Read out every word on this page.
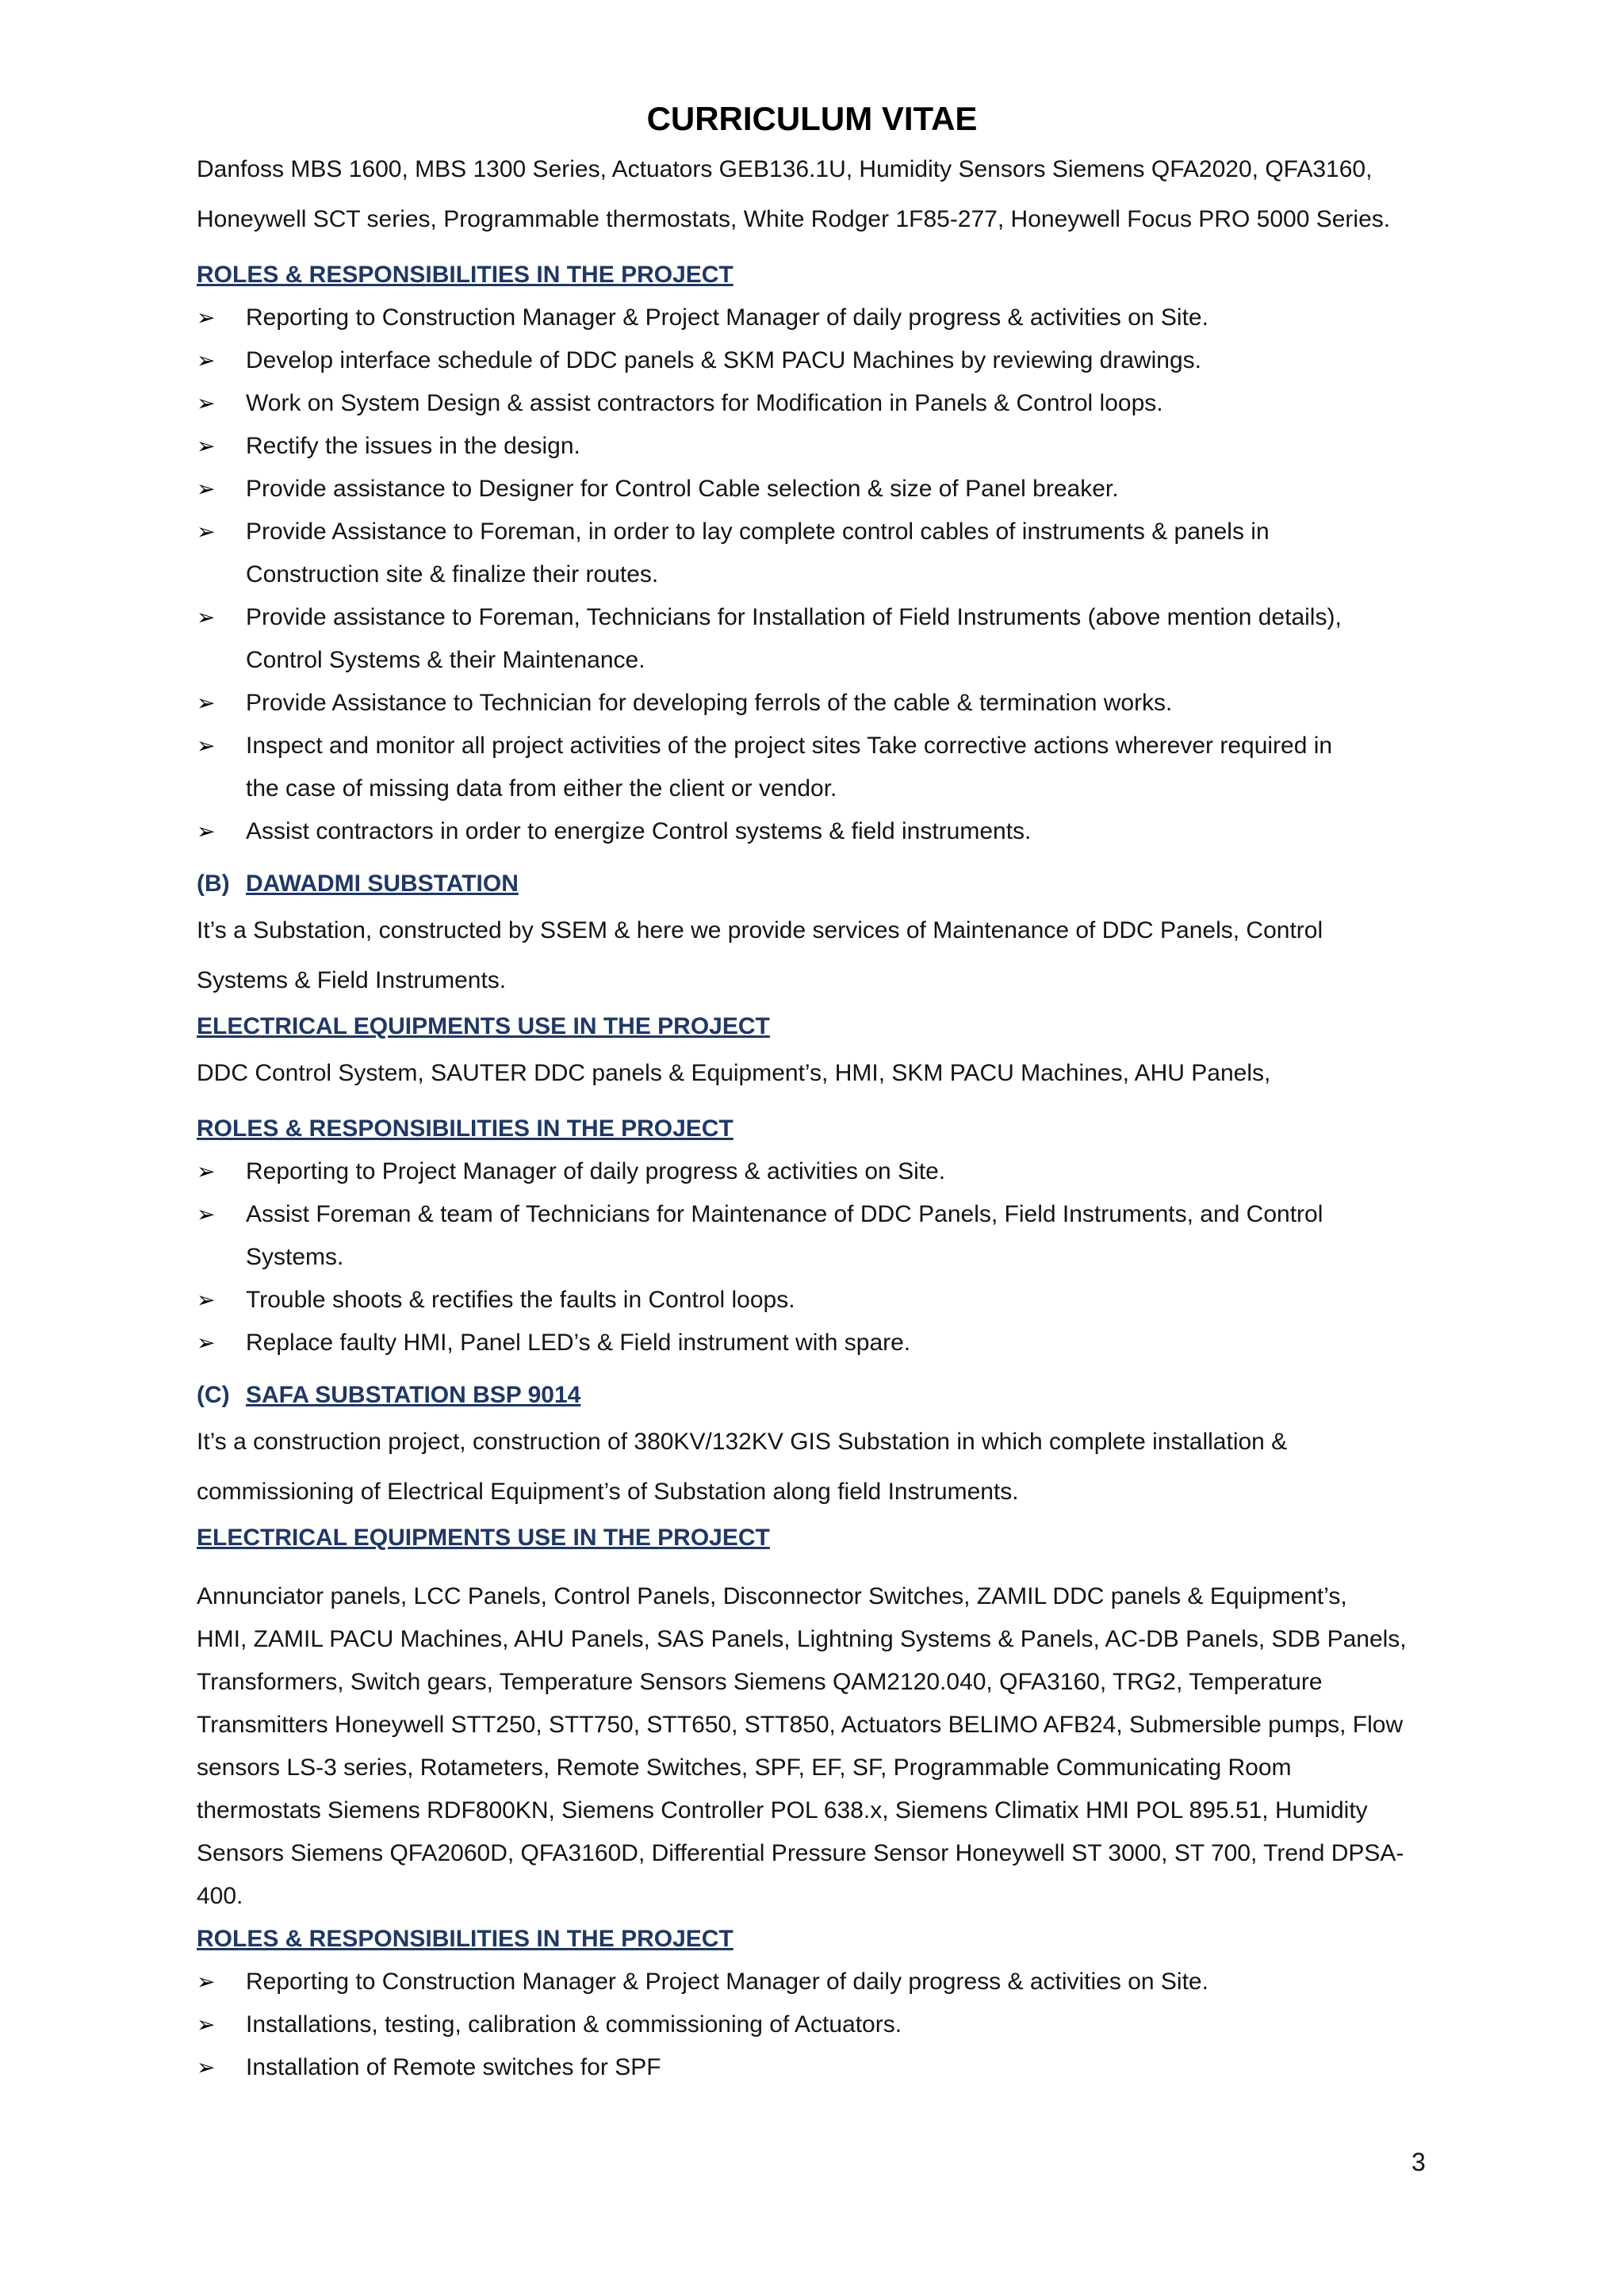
CURRICULUM VITAE

Danfoss MBS 1600, MBS 1300 Series, Actuators GEB136.1U, Humidity Sensors Siemens QFA2020, QFA3160,

Honeywell SCT series, Programmable thermostats, White Rodger 1F85-277, Honeywell Focus PRO 5000 Series.

ROLES & RESPONSIBILITIES IN THE PROJECT
➢	Reporting to Construction Manager & Project Manager of daily progress & activities on Site.
➢	Develop interface schedule of DDC panels & SKM PACU Machines by reviewing drawings.
➢	Work on System Design & assist contractors for Modification in Panels & Control loops.
➢	Rectify the issues in the design.
➢	Provide assistance to Designer for Control Cable selection & size of Panel breaker.
➢	Provide Assistance to Foreman, in order to lay complete control cables of instruments & panels in
Construction site & finalize their routes.
➢	Provide assistance to Foreman, Technicians for Installation of Field Instruments (above mention details),
Control Systems & their Maintenance.
➢	Provide Assistance to Technician for developing ferrols of the cable & termination works.
➢	Inspect and monitor all project activities of the project sites Take corrective actions wherever required in
the case of missing data from either the client or vendor.
➢	Assist contractors in order to energize Control systems & field instruments.
(B) DAWADMI SUBSTATION

It’s a Substation, constructed by SSEM & here we provide services of Maintenance of DDC Panels, Control

Systems & Field Instruments.

ELECTRICAL EQUIPMENTS USE IN THE PROJECT

DDC Control System, SAUTER DDC panels & Equipment’s, HMI, SKM PACU Machines, AHU Panels,

ROLES & RESPONSIBILITIES IN THE PROJECT
➢	Reporting to Project Manager of daily progress & activities on Site.
➢	Assist Foreman & team of Technicians for Maintenance of DDC Panels, Field Instruments, and Control
Systems.
➢	Trouble shoots & rectifies the faults in Control loops.
➢	Replace faulty HMI, Panel LED’s & Field instrument with spare.
(C) SAFA SUBSTATION BSP 9014

It’s a construction project, construction of 380KV/132KV GIS Substation in which complete installation &

commissioning of Electrical Equipment’s of Substation along field Instruments.

ELECTRICAL EQUIPMENTS USE IN THE PROJECT

Annunciator panels, LCC Panels, Control Panels, Disconnector Switches, ZAMIL DDC panels & Equipment’s,

HMI, ZAMIL PACU Machines, AHU Panels, SAS Panels, Lightning Systems & Panels, AC-DB Panels, SDB Panels,

Transformers, Switch gears, Temperature Sensors Siemens QAM2120.040, QFA3160, TRG2, Temperature

Transmitters Honeywell STT250, STT750, STT650, STT850, Actuators BELIMO AFB24, Submersible pumps, Flow

sensors LS-3 series, Rotameters, Remote Switches, SPF, EF, SF, Programmable Communicating Room

thermostats Siemens RDF800KN, Siemens Controller POL 638.x, Siemens Climatix HMI POL 895.51, Humidity

Sensors Siemens QFA2060D, QFA3160D, Differential Pressure Sensor Honeywell ST 3000, ST 700, Trend DPSA-

400.

ROLES & RESPONSIBILITIES IN THE PROJECT
➢	Reporting to Construction Manager & Project Manager of daily progress & activities on Site.
➢	Installations, testing, calibration & commissioning of Actuators.
➢	Installation of Remote switches for SPF
3
